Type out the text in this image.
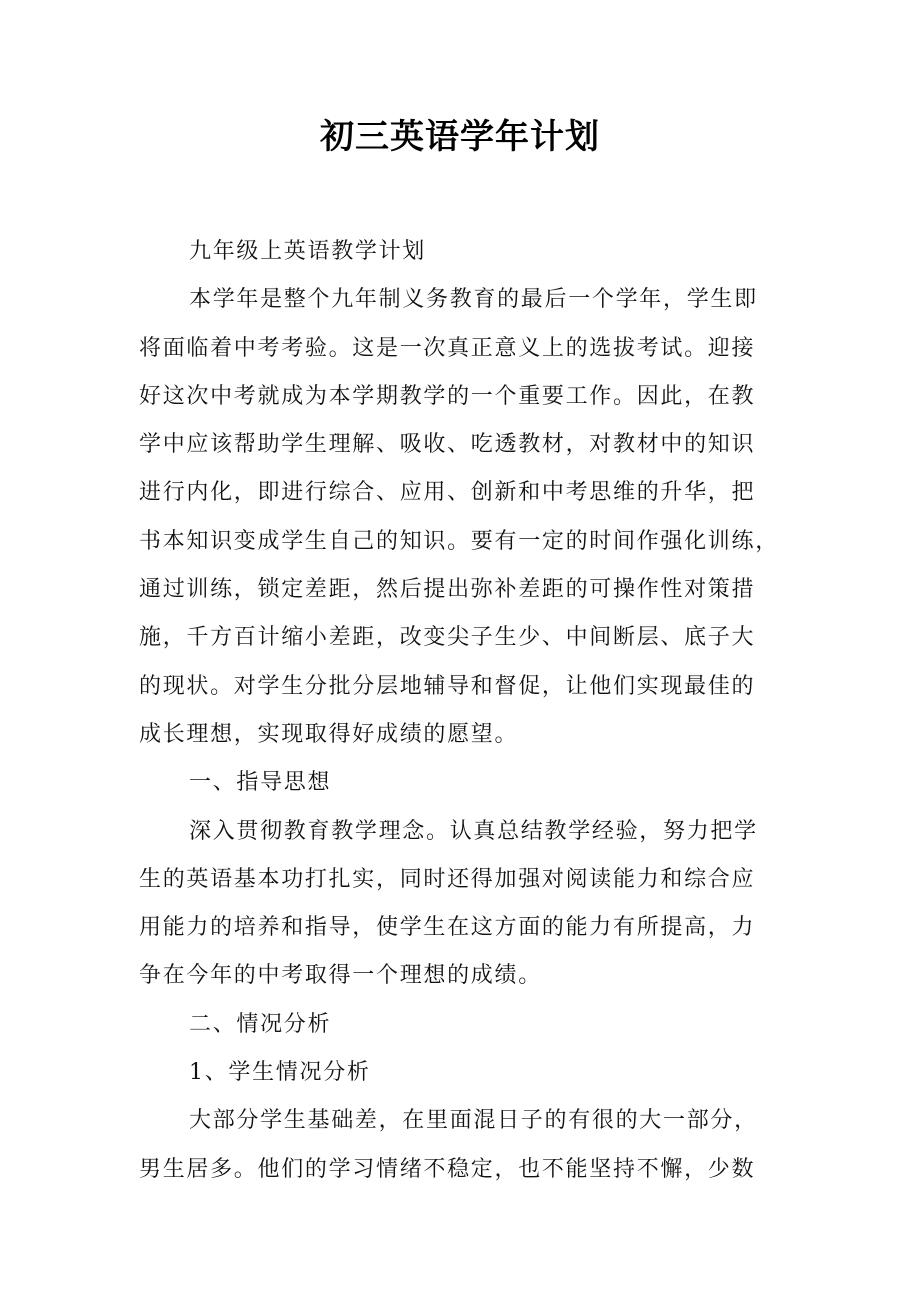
初三英语学年计划
九年级上英语教学计划
本学年是整个九年制义务教育的最后一个学年，学生即
将面临着中考考验。这是一次真正意义上的选拔考试。迎接
好这次中考就成为本学期教学的一个重要工作。因此，在教
学中应该帮助学生理解、吸收、吃透教材，对教材中的知识
进行内化，即进行综合、应用、创新和中考思维的升华，把
书本知识变成学生自己的知识。要有一定的时间作强化训练，
通过训练，锁定差距，然后提出弥补差距的可操作性对策措
施，千方百计缩小差距，改变尖子生少、中间断层、底子大
的现状。对学生分批分层地辅导和督促，让他们实现最佳的
成长理想，实现取得好成绩的愿望。
一、指导思想
深入贯彻教育教学理念。认真总结教学经验，努力把学
生的英语基本功打扎实，同时还得加强对阅读能力和综合应
用能力的培养和指导，使学生在这方面的能力有所提高，力
争在今年的中考取得一个理想的成绩。
二、情况分析
1、学生情况分析
大部分学生基础差，在里面混日子的有很的大一部分，
男生居多。他们的学习情绪不稳定，也不能坚持不懈，少数
